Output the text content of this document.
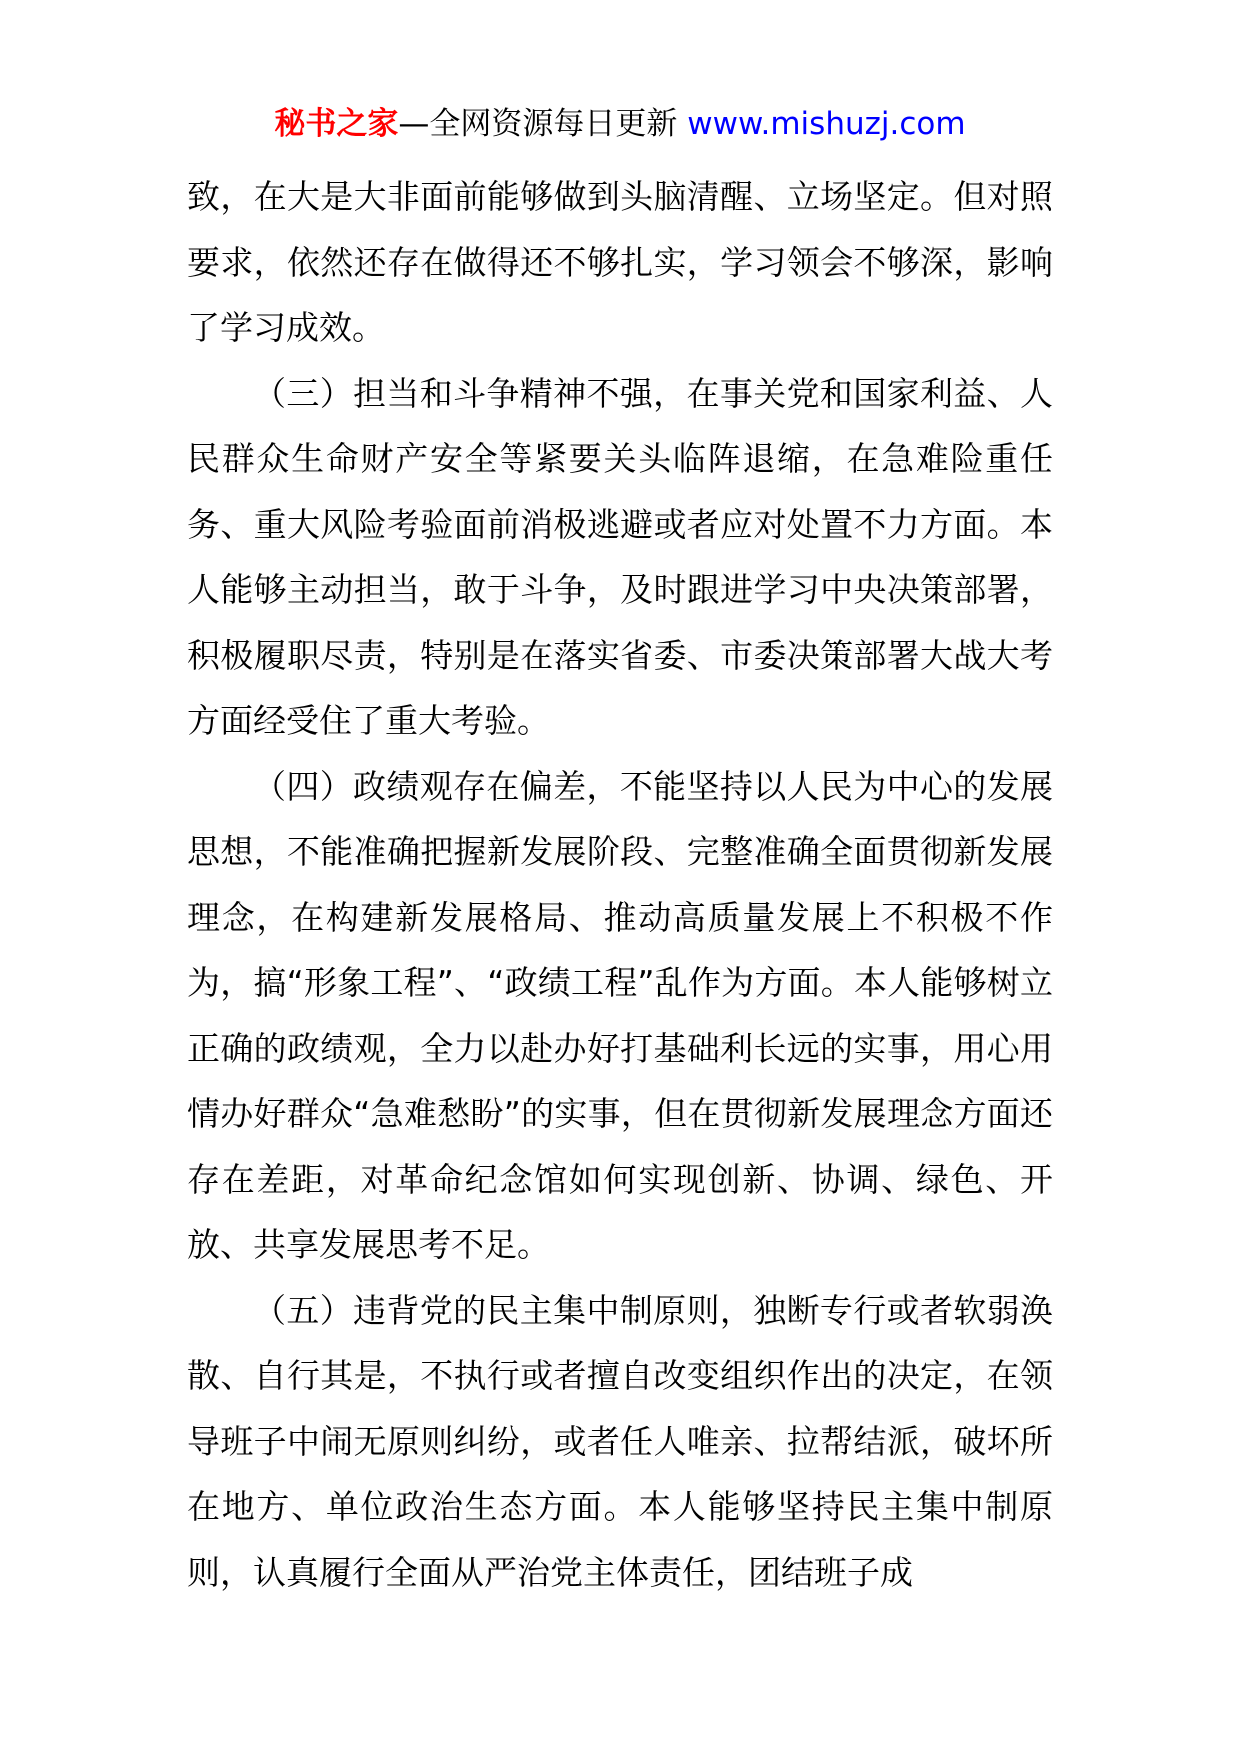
秘书之家—全网资源每日更新 www.mishuzj.com

致，在大是大非面前能够做到头脑清醒、立场坚定。但对照要求，依然还存在做得还不够扎实，学习领会不够深，影响了学习成效。

（三）担当和斗争精神不强，在事关党和国家利益、人民群众生命财产安全等紧要关头临阵退缩，在急难险重任务、重大风险考验面前消极逃避或者应对处置不力方面。本人能够主动担当，敢于斗争，及时跟进学习中央决策部署，积极履职尽责，特别是在落实省委、市委决策部署大战大考方面经受住了重大考验。

（四）政绩观存在偏差，不能坚持以人民为中心的发展思想，不能准确把握新发展阶段、完整准确全面贯彻新发展理念，在构建新发展格局、推动高质量发展上不积极不作为，搞“形象工程”、“政绩工程”乱作为方面。本人能够树立正确的政绩观，全力以赴办好打基础利长远的实事，用心用情办好群众“急难愁盼”的实事，但在贯彻新发展理念方面还存在差距，对革命纪念馆如何实现创新、协调、绿色、开放、共享发展思考不足。

（五）违背党的民主集中制原则，独断专行或者软弱涣散、自行其是，不执行或者擅自改变组织作出的决定，在领导班子中闹无原则纠纷，或者任人唯亲、拉帮结派，破坏所在地方、单位政治生态方面。本人能够坚持民主集中制原则，认真履行全面从严治党主体责任，团结班子成
